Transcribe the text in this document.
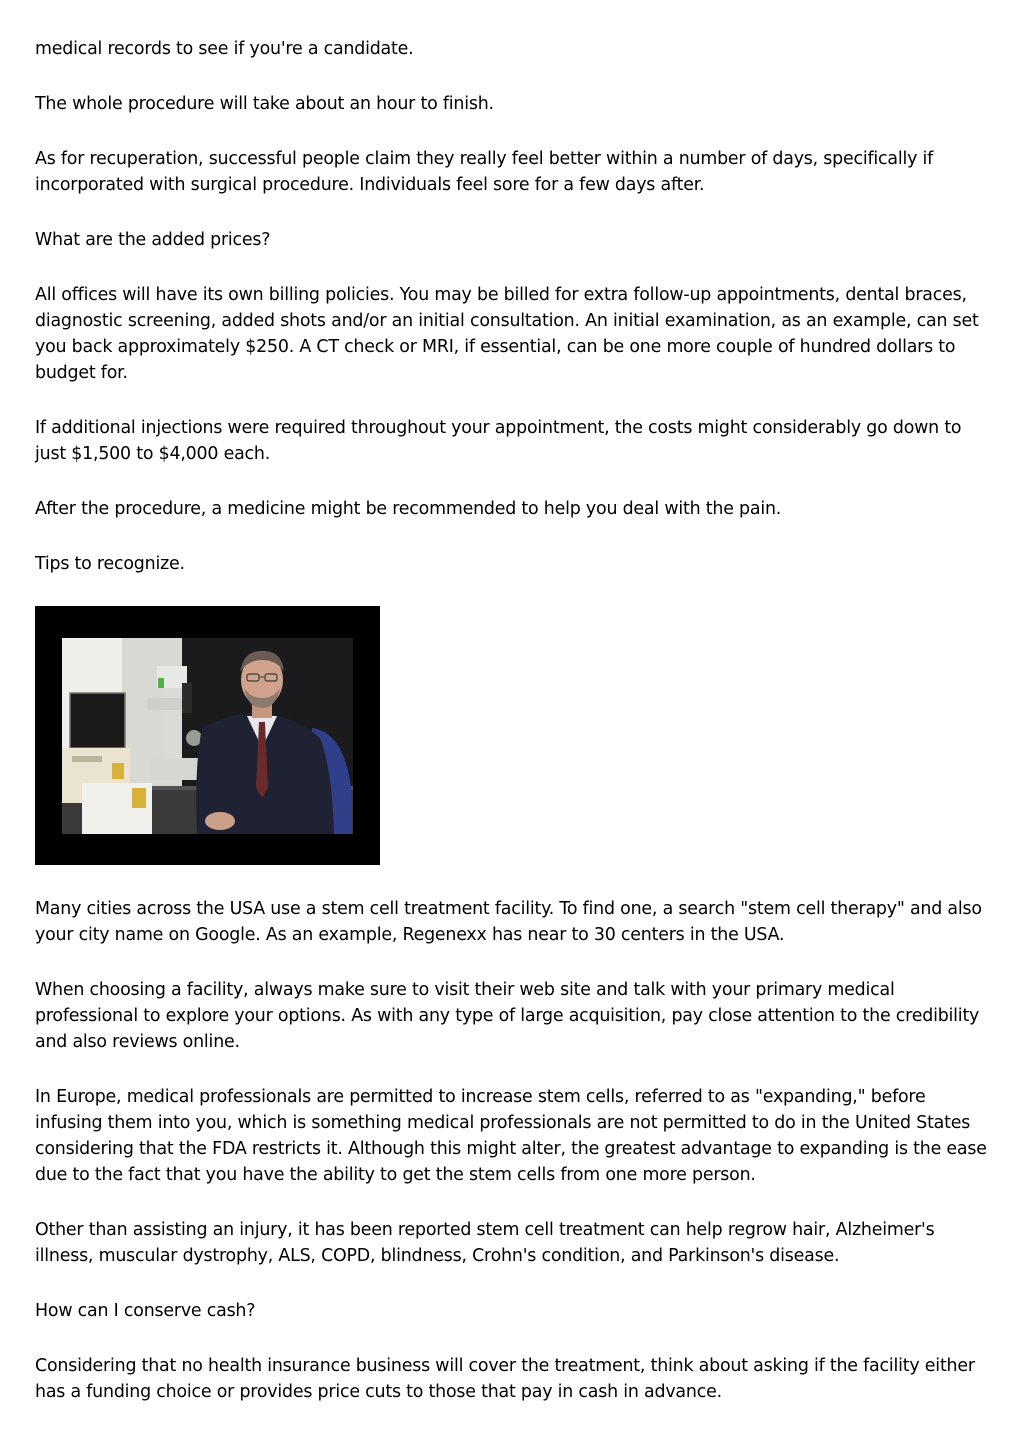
medical records to see if you're a candidate.

The whole procedure will take about an hour to finish.

As for recuperation, successful people claim they really feel better within a number of days, specifically if incorporated with surgical procedure. Individuals feel sore for a few days after.

What are the added prices?

All offices will have its own billing policies. You may be billed for extra follow-up appointments, dental braces, diagnostic screening, added shots and/or an initial consultation. An initial examination, as an example, can set you back approximately $250. A CT check or MRI, if essential, can be one more couple of hundred dollars to budget for.

If additional injections were required throughout your appointment, the costs might considerably go down to just $1,500 to $4,000 each.

After the procedure, a medicine might be recommended to help you deal with the pain.

Tips to recognize.

Many cities across the USA use a stem cell treatment facility. To find one, a search "stem cell therapy" and also your city name on Google. As an example, Regenexx has near to 30 centers in the USA.

When choosing a facility, always make sure to visit their web site and talk with your primary medical professional to explore your options. As with any type of large acquisition, pay close attention to the credibility and also reviews online.

In Europe, medical professionals are permitted to increase stem cells, referred to as "expanding," before infusing them into you, which is something medical professionals are not permitted to do in the United States considering that the FDA restricts it. Although this might alter, the greatest advantage to expanding is the ease due to the fact that you have the ability to get the stem cells from one more person.

Other than assisting an injury, it has been reported stem cell treatment can help regrow hair, Alzheimer's illness, muscular dystrophy, ALS, COPD, blindness, Crohn's condition, and Parkinson's disease.

How can I conserve cash?

Considering that no health insurance business will cover the treatment, think about asking if the facility either has a funding choice or provides price cuts to those that pay in cash in advance.
